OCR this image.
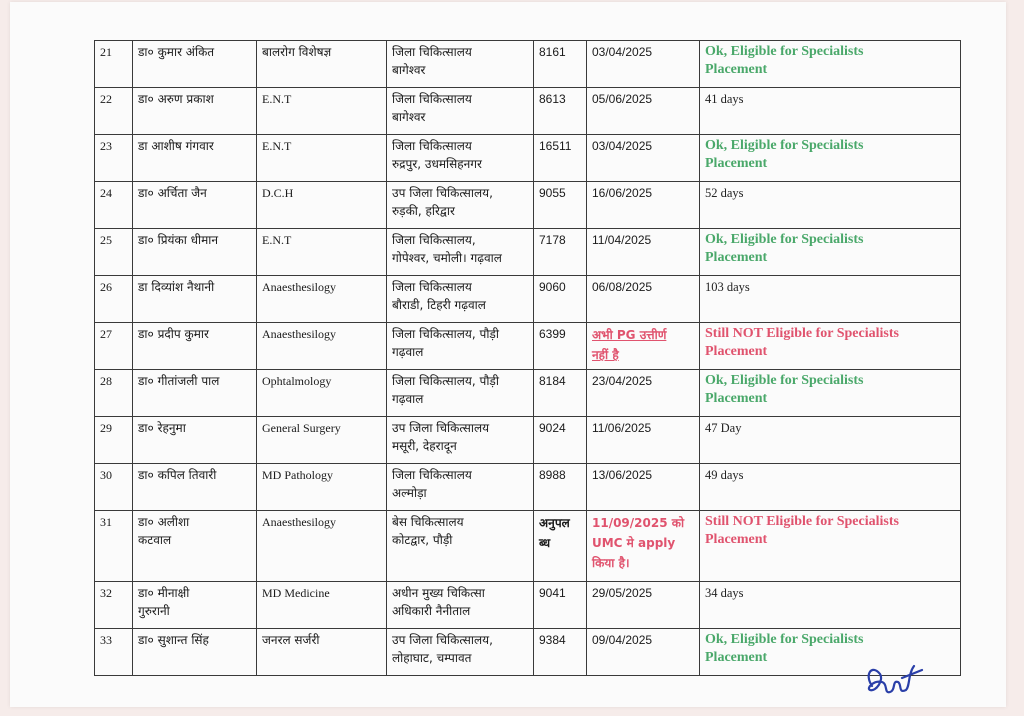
21	डा० कुमार अंकित	बालरोग विशेषज्ञ	जिला चिकित्सालय
बागेश्वर	8161	03/04/2025	Ok, Eligible for Specialists
Placement

22	डा० अरुण प्रकाश	E.N.T	जिला चिकित्सालय
बागेश्वर	8613	05/06/2025	41 days

23	डा आशीष गंगवार	E.N.T	जिला चिकित्सालय
रुद्रपुर, उधमसिहनगर	16511	03/04/2025	Ok, Eligible for Specialists
Placement

24	डा० अर्चिता जैन	D.C.H	उप जिला चिकित्सालय,
रुड़की, हरिद्वार	9055	16/06/2025	52 days

25	डा० प्रियंका धीमान	E.N.T	जिला चिकित्सालय,
गोपेश्वर, चमोली। गढ़वाल	7178	11/04/2025	Ok, Eligible for Specialists
Placement

26	डा दिव्यांश नैथानी	Anaesthesilogy	जिला चिकित्सालय
बौराडी, टिहरी गढ़वाल	9060	06/08/2025	103 days

27	डा० प्रदीप कुमार	Anaesthesilogy	जिला चिकित्सालय, पौड़ी
गढ़वाल	6399	अभी PG उत्तीर्ण
नहीं है	Still NOT Eligible for Specialists
Placement

28	डा० गीतांजली पाल	Ophtalmology	जिला चिकित्सालय, पौड़ी
गढ़वाल	8184	23/04/2025	Ok, Eligible for Specialists
Placement

29	डा० रेहनुमा	General Surgery	उप जिला चिकित्सालय
मसूरी, देहरादून	9024	11/06/2025	47 Day

30	डा० कपिल तिवारी	MD Pathology	जिला चिकित्सालय
अल्मोड़ा	8988	13/06/2025	49 days

31	डा० अलीशा
कटवाल	Anaesthesilogy	बेस चिकित्सालय
कोटद्वार, पौड़ी	अनुपल
ब्ध	11/09/2025 को
UMC मे apply
किया है।	Still NOT Eligible for Specialists
Placement

32	डा० मीनाक्षी
गुरुरानी	MD Medicine	अधीन मुख्य चिकित्सा
अधिकारी नैनीताल	9041	29/05/2025	34 days

33	डा० सुशान्त सिंह	जनरल सर्जरी	उप जिला चिकित्सालय,
लोहाघाट, चम्पावत	9384	09/04/2025	Ok, Eligible for Specialists
Placement
